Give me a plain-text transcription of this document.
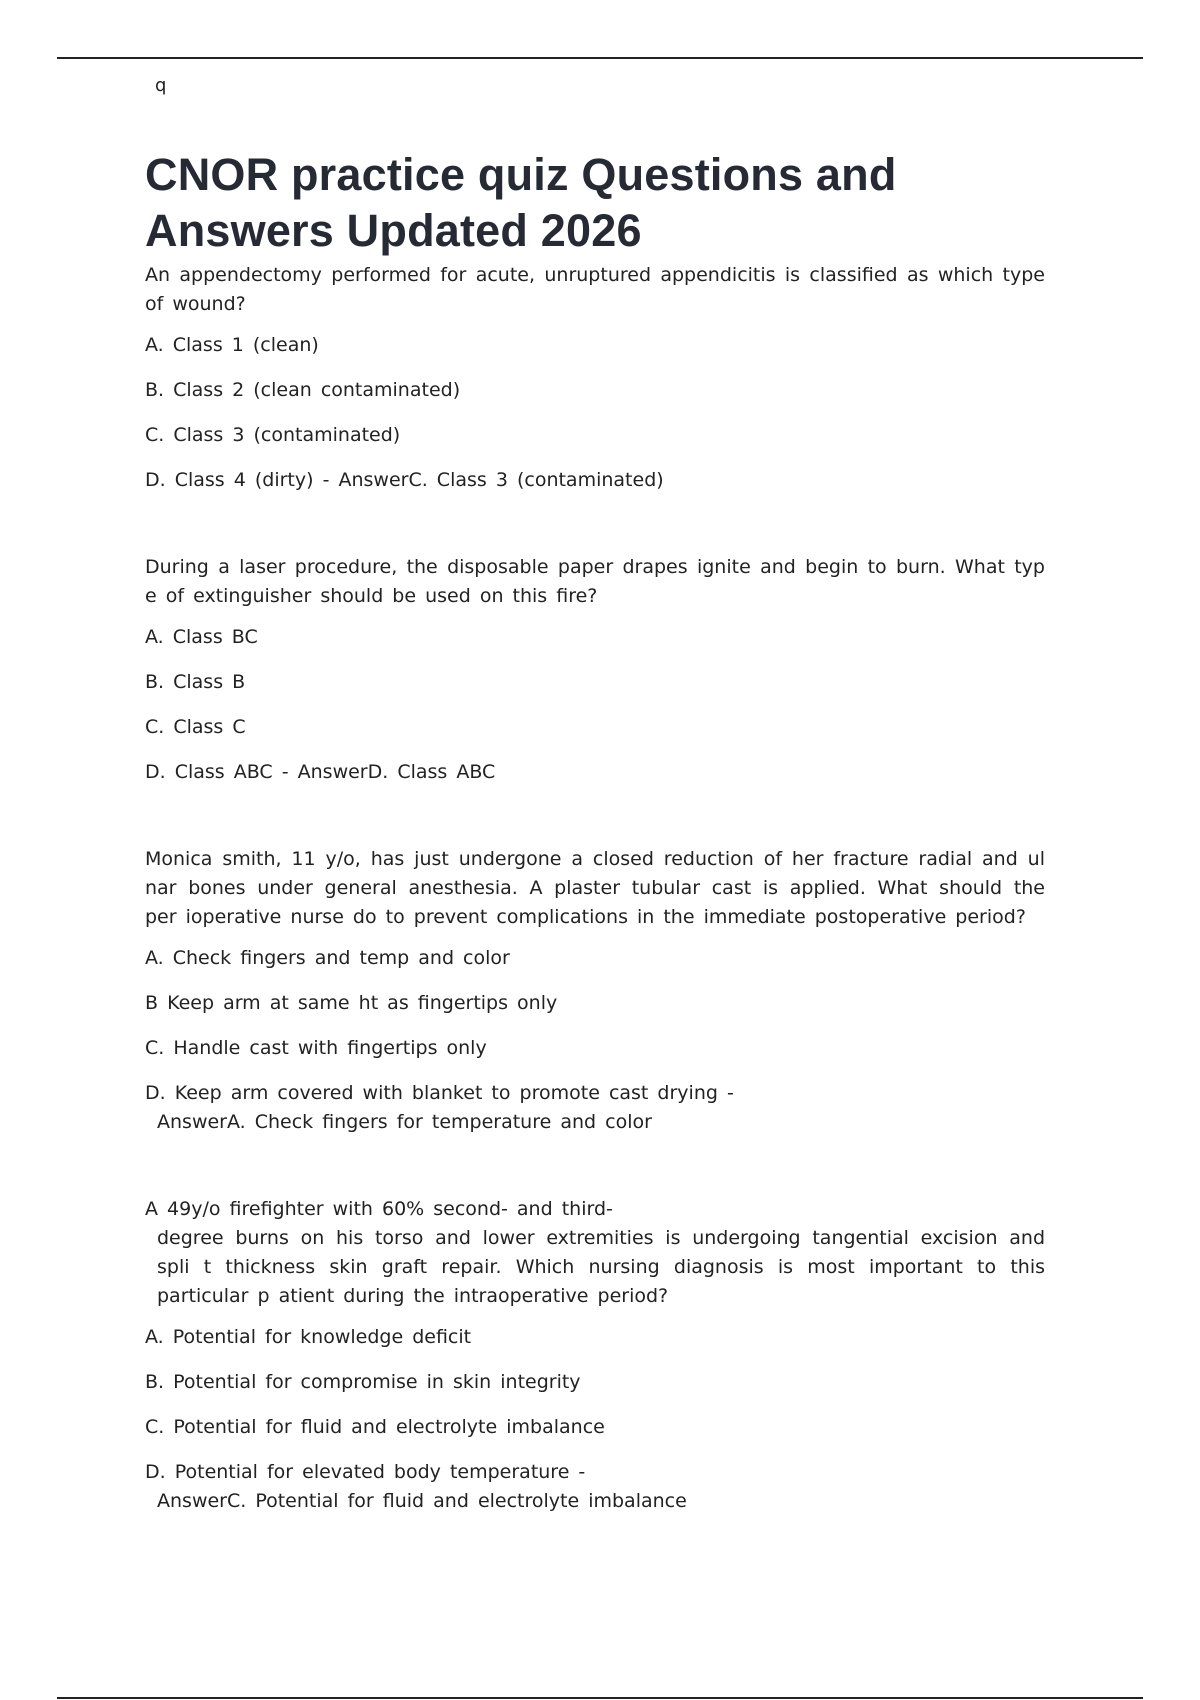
q
CNOR practice quiz Questions and Answers Updated 2026

An appendectomy performed for acute, unruptured appendicitis is classified as which type of wound?

A. Class 1 (clean)
B. Class 2 (clean contaminated)
C. Class 3 (contaminated)
D. Class 4 (dirty) - AnswerC. Class 3 (contaminated)

During a laser procedure, the disposable paper drapes ignite and begin to burn. What typ e of extinguisher should be used on this fire?

A. Class BC
B. Class B
C. Class C
D. Class ABC - AnswerD. Class ABC

Monica smith, 11 y/o, has just undergone a closed reduction of her fracture radial and ul nar bones under general anesthesia. A plaster tubular cast is applied. What should the per ioperative nurse do to prevent complications in the immediate postoperative period?

A. Check fingers and temp and color
B Keep arm at same ht as fingertips only
C. Handle cast with fingertips only
D. Keep arm covered with blanket to promote cast drying -
AnswerA. Check fingers for temperature and color

A 49y/o firefighter with 60% second- and third-
degree burns on his torso and lower extremities is undergoing tangential excision and spli t thickness skin graft repair. Which nursing diagnosis is most important to this particular p atient during the intraoperative period?

A. Potential for knowledge deficit
B. Potential for compromise in skin integrity
C. Potential for fluid and electrolyte imbalance
D. Potential for elevated body temperature -
AnswerC. Potential for fluid and electrolyte imbalance
